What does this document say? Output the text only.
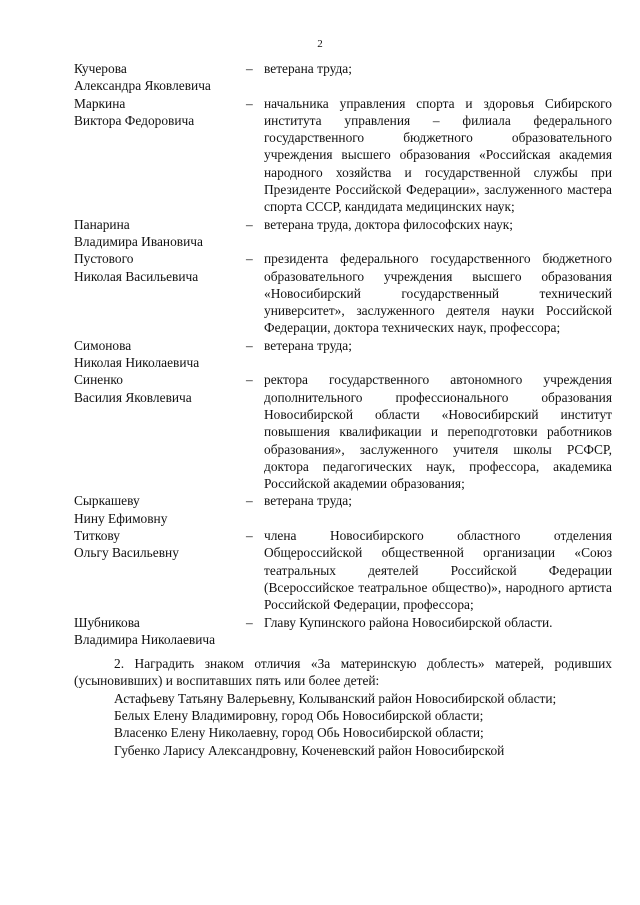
2
Кучерова
Александра Яковлевича
– ветерана труда;
Маркина
Виктора Федоровича
– начальника управления спорта и здоровья Сибирского института управления – филиала федерального государственного бюджетного образовательного учреждения высшего образования «Российская академия народного хозяйства и государственной службы при Президенте Российской Федерации», заслуженного мастера спорта СССР, кандидата медицинских наук;
Панарина
Владимира Ивановича
– ветерана труда, доктора философских наук;
Пустового
Николая Васильевича
– президента федерального государственного бюджетного образовательного учреждения высшего образования «Новосибирский государственный технический университет», заслуженного деятеля науки Российской Федерации, доктора технических наук, профессора;
Симонова
Николая Николаевича
– ветерана труда;
Синенко
Василия Яковлевича
– ректора государственного автономного учреждения дополнительного профессионального образования Новосибирской области «Новосибирский институт повышения квалификации и переподготовки работников образования», заслуженного учителя школы РСФСР, доктора педагогических наук, профессора, академика Российской академии образования;
Сыркашеву
Нину Ефимовну
– ветерана труда;
Титкову
Ольгу Васильевну
– члена Новосибирского областного отделения Общероссийской общественной организации «Союз театральных деятелей Российской Федерации (Всероссийское театральное общество)», народного артиста Российской Федерации, профессора;
Шубникова
Владимира Николаевича
– Главу Купинского района Новосибирской области.
2. Наградить знаком отличия «За материнскую доблесть» матерей, родивших (усыновивших) и воспитавших пять или более детей:
Астафьеву Татьяну Валерьевну, Колыванский район Новосибирской области;
Белых Елену Владимировну, город Обь Новосибирской области;
Власенко Елену Николаевну, город Обь Новосибирской области;
Губенко Ларису Александровну, Коченевский район Новосибирской
